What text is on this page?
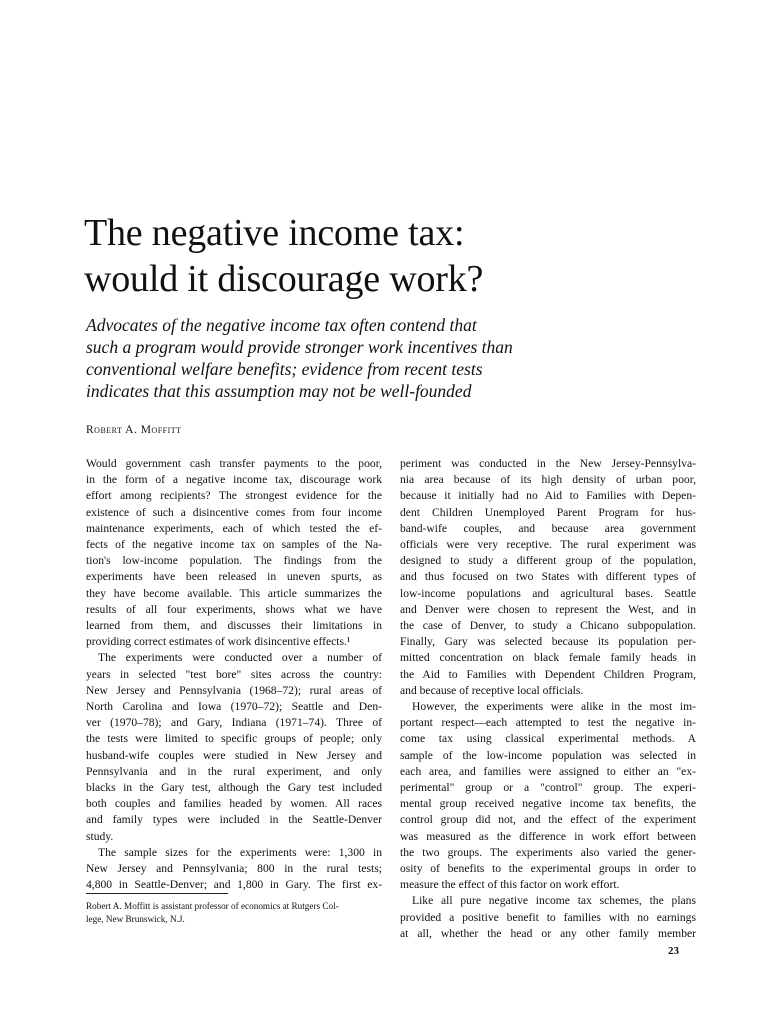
The negative income tax:
would it discourage work?
Advocates of the negative income tax often contend that
such a program would provide stronger work incentives than
conventional welfare benefits; evidence from recent tests
indicates that this assumption may not be well-founded
Robert A. Moffitt

Would government cash transfer payments to the poor,
in the form of a negative income tax, discourage work
effort among recipients? The strongest evidence for the
existence of such a disincentive comes from four income
maintenance experiments, each of which tested the ef-
fects of the negative income tax on samples of the Na-
tion's low-income population. The findings from the
experiments have been released in uneven spurts, as
they have become available. This article summarizes the
results of all four experiments, shows what we have
learned from them, and discusses their limitations in
providing correct estimates of work disincentive effects.¹

The experiments were conducted over a number of
years in selected "test bore" sites across the country:
New Jersey and Pennsylvania (1968–72); rural areas of
North Carolina and Iowa (1970–72); Seattle and Den-
ver (1970–78); and Gary, Indiana (1971–74). Three of
the tests were limited to specific groups of people; only
husband-wife couples were studied in New Jersey and
Pennsylvania and in the rural experiment, and only
blacks in the Gary test, although the Gary test included
both couples and families headed by women. All races
and family types were included in the Seattle-Denver
study.

The sample sizes for the experiments were: 1,300 in
New Jersey and Pennsylvania; 800 in the rural tests;
4,800 in Seattle-Denver; and 1,800 in Gary. The first ex-

periment was conducted in the New Jersey-Pennsylva-
nia area because of its high density of urban poor,
because it initially had no Aid to Families with Depen-
dent Children Unemployed Parent Program for hus-
band-wife couples, and because area government
officials were very receptive. The rural experiment was
designed to study a different group of the population,
and thus focused on two States with different types of
low-income populations and agricultural bases. Seattle
and Denver were chosen to represent the West, and in
the case of Denver, to study a Chicano subpopulation.
Finally, Gary was selected because its population per-
mitted concentration on black female family heads in
the Aid to Families with Dependent Children Program,
and because of receptive local officials.

However, the experiments were alike in the most im-
portant respect—each attempted to test the negative in-
come tax using classical experimental methods. A
sample of the low-income population was selected in
each area, and families were assigned to either an "ex-
perimental" group or a "control" group. The experi-
mental group received negative income tax benefits, the
control group did not, and the effect of the experiment
was measured as the difference in work effort between
the two groups. The experiments also varied the gener-
osity of benefits to the experimental groups in order to
measure the effect of this factor on work effort.

Like all pure negative income tax schemes, the plans
provided a positive benefit to families with no earnings
at all, whether the head or any other family member

Robert A. Moffitt is assistant professor of economics at Rutgers Col-
lege, New Brunswick, N.J.
23
